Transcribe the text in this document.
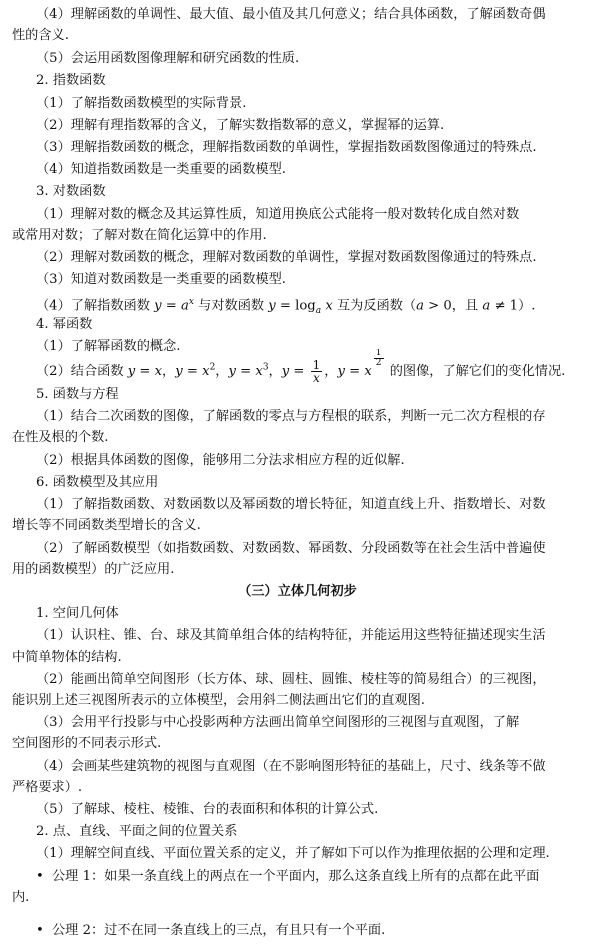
（4）理解函数的单调性、最大值、最小值及其几何意义；结合具体函数，了解函数奇偶
性的含义.
（5）会运用函数图像理解和研究函数的性质.
2. 指数函数
（1）了解指数函数模型的实际背景.
（2）理解有理指数幂的含义，了解实数指数幂的意义，掌握幂的运算.
（3）理解指数函数的概念，理解指数函数的单调性，掌握指数函数图像通过的特殊点.
（4）知道指数函数是一类重要的函数模型.
3. 对数函数
（1）理解对数的概念及其运算性质，知道用换底公式能将一般对数转化成自然对数
或常用对数；了解对数在简化运算中的作用.
（2）理解对数函数的概念，理解对数函数的单调性，掌握对数函数图像通过的特殊点.
（3）知道对数函数是一类重要的函数模型.
（4）了解指数函数 $y = a^x$ 与对数函数 $y = \log_a x$ 互为反函数（a > 0，且 a ≠ 1）.
4. 幂函数
（1）了解幂函数的概念.
（2）结合函数 y = x，$y = x^2$，$y = x^3$，$y = \frac{1}{x}$ ，y = x
$\frac{1}{2}$
的图像，了解它们的变化情况.
5. 函数与方程
（1）结合二次函数的图像，了解函数的零点与方程根的联系，判断一元二次方程根的存
在性及根的个数.
（2）根据具体函数的图像，能够用二分法求相应方程的近似解.
6. 函数模型及其应用
（1）了解指数函数、对数函数以及幂函数的增长特征，知道直线上升、指数增长、对数
增长等不同函数类型增长的含义.
（2）了解函数模型（如指数函数、对数函数、幂函数、分段函数等在社会生活中普遍使
用的函数模型）的广泛应用.
（三）立体几何初步
1. 空间几何体
（1）认识柱、锥、台、球及其简单组合体的结构特征，并能运用这些特征描述现实生活
中简单物体的结构.
（2）能画出简单空间图形（长方体、球、圆柱、圆锥、棱柱等的简易组合）的三视图，
能识别上述三视图所表示的立体模型，会用斜二侧法画出它们的直观图.
（3）会用平行投影与中心投影两种方法画出简单空间图形的三视图与直观图，了解
空间图形的不同表示形式.
（4）会画某些建筑物的视图与直观图（在不影响图形特征的基础上，尺寸、线条等不做
严格要求）.
（5）了解球、棱柱、棱锥、台的表面积和体积的计算公式.
2. 点、直线、平面之间的位置关系
（1）理解空间直线、平面位置关系的定义，并了解如下可以作为推理依据的公理和定理.
• 公理 1：如果一条直线上的两点在一个平面内，那么这条直线上所有的点都在此平面
内.
• 公理 2：过不在同一条直线上的三点，有且只有一个平面.
